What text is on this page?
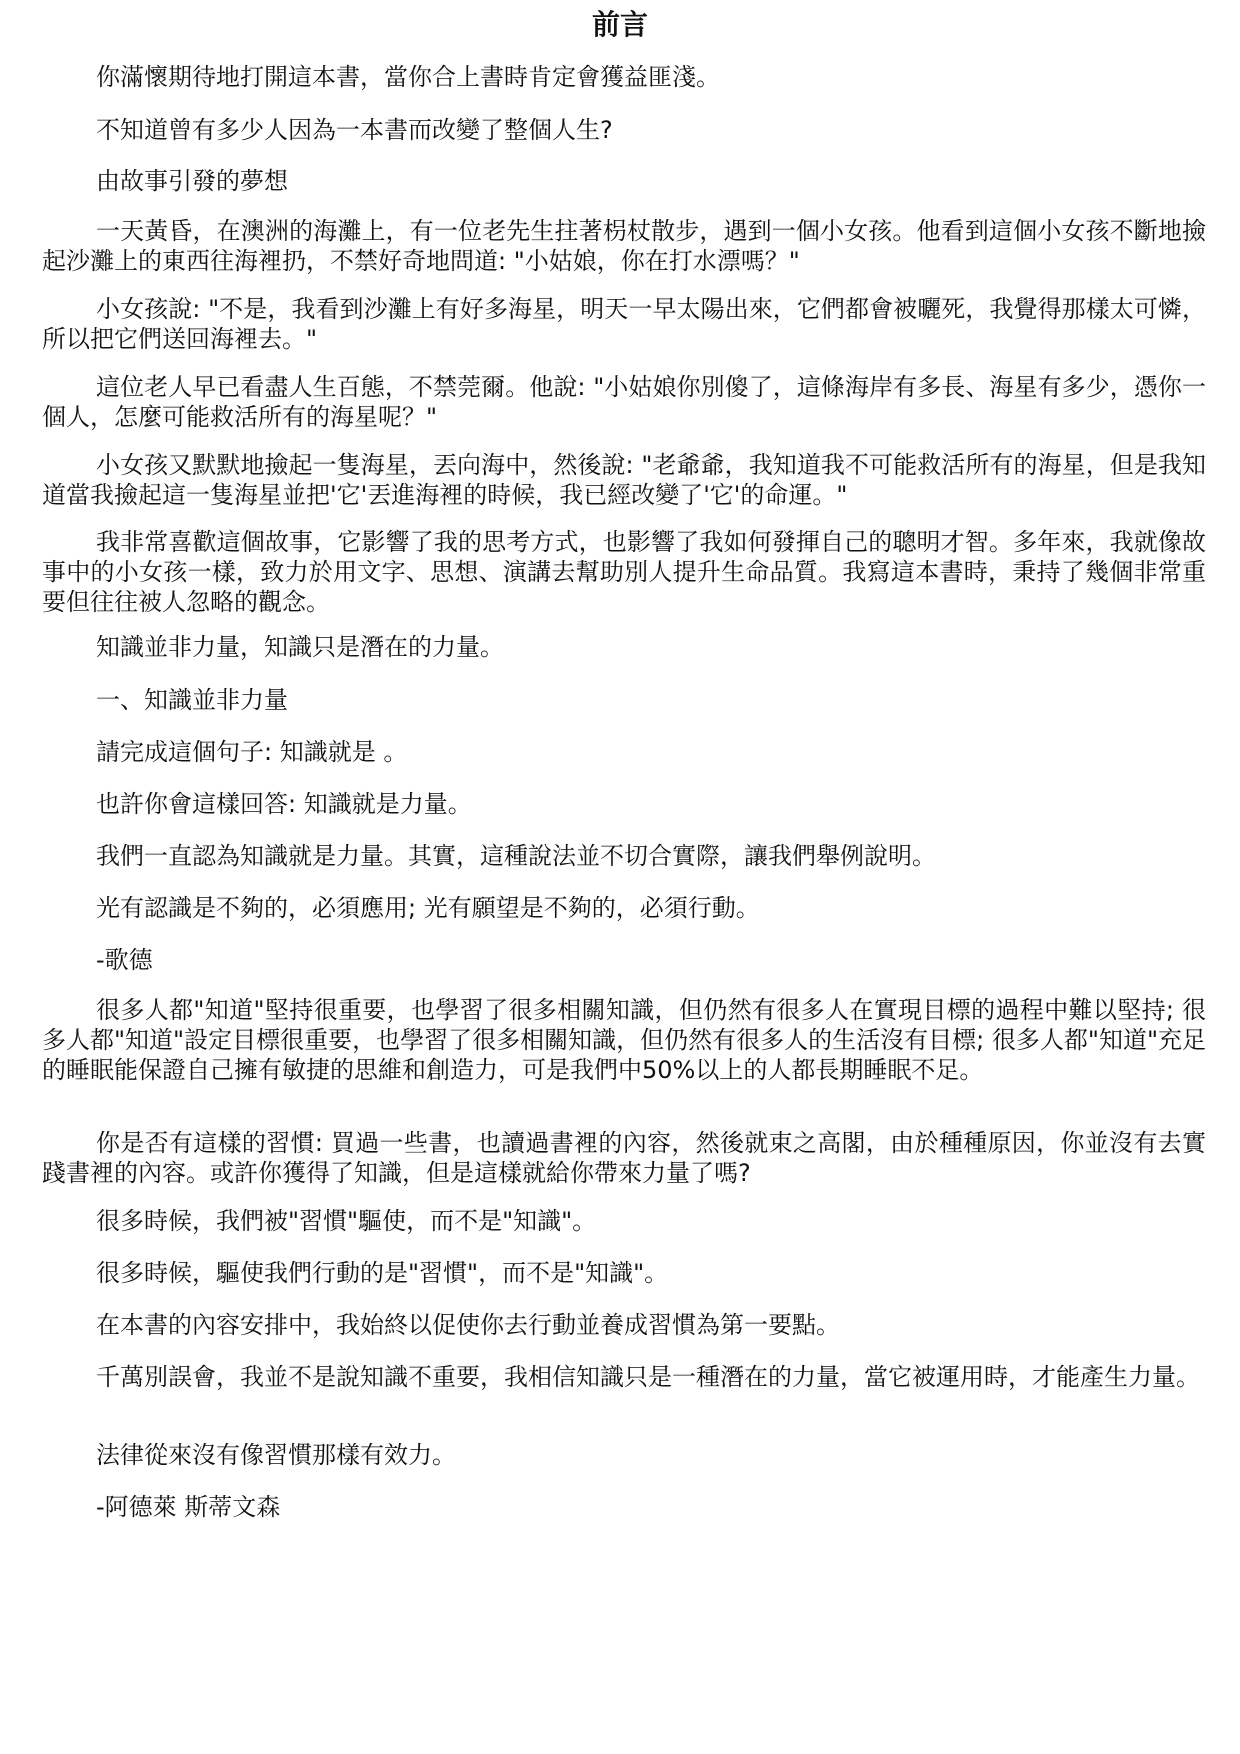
前言

你滿懷期待地打開這本書，當你合上書時肯定會獲益匪淺。

不知道曾有多少人因為一本書而改變了整個人生?

由故事引發的夢想

一天黃昏，在澳洲的海灘上，有一位老先生拄著枴杖散步，遇到一個小女孩。他看到這個小女孩不斷地撿起沙灘上的東西往海裡扔，不禁好奇地問道: "小姑娘，你在打水漂嗎？"

小女孩說: "不是，我看到沙灘上有好多海星，明天一早太陽出來，它們都會被曬死，我覺得那樣太可憐，所以把它們送回海裡去。"

這位老人早已看盡人生百態，不禁莞爾。他說: "小姑娘你別傻了，這條海岸有多長、海星有多少，憑你一個人，怎麼可能救活所有的海星呢？"

小女孩又默默地撿起一隻海星，丟向海中，然後說: "老爺爺，我知道我不可能救活所有的海星，但是我知道當我撿起這一隻海星並把'它'丟進海裡的時候，我已經改變了'它'的命運。"

我非常喜歡這個故事，它影響了我的思考方式，也影響了我如何發揮自己的聰明才智。多年來，我就像故事中的小女孩一樣，致力於用文字、思想、演講去幫助別人提升生命品質。我寫這本書時，秉持了幾個非常重要但往往被人忽略的觀念。

知識並非力量，知識只是潛在的力量。

一、知識並非力量

請完成這個句子: 知識就是 。

也許你會這樣回答: 知識就是力量。

我們一直認為知識就是力量。其實，這種說法並不切合實際，讓我們舉例說明。

光有認識是不夠的，必須應用; 光有願望是不夠的，必須行動。

-歌德

很多人都"知道"堅持很重要，也學習了很多相關知識，但仍然有很多人在實現目標的過程中難以堅持; 很多人都"知道"設定目標很重要，也學習了很多相關知識，但仍然有很多人的生活沒有目標; 很多人都"知道"充足的睡眠能保證自己擁有敏捷的思維和創造力，可是我們中50%以上的人都長期睡眠不足。

你是否有這樣的習慣: 買過一些書，也讀過書裡的內容，然後就束之高閣，由於種種原因，你並沒有去實踐書裡的內容。或許你獲得了知識，但是這樣就給你帶來力量了嗎?

很多時候，我們被"習慣"驅使，而不是"知識"。

很多時候，驅使我們行動的是"習慣"，而不是"知識"。

在本書的內容安排中，我始終以促使你去行動並養成習慣為第一要點。

千萬別誤會，我並不是說知識不重要，我相信知識只是一種潛在的力量，當它被運用時，才能產生力量。

法律從來沒有像習慣那樣有效力。

-阿德萊 斯蒂文森
